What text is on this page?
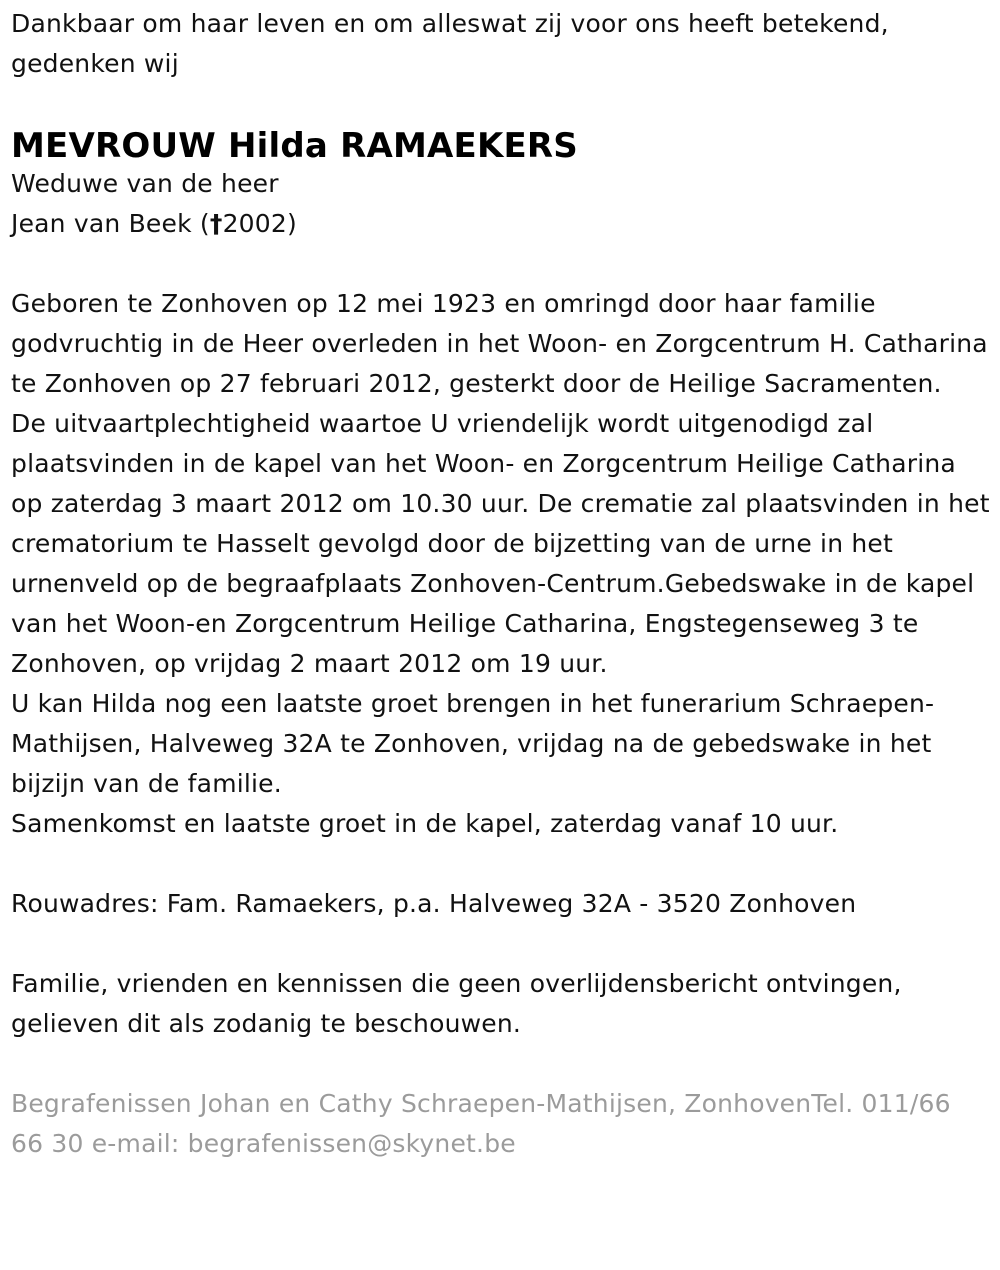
Dankbaar om haar leven en om alleswat zij voor ons heeft betekend, gedenken wij

MEVROUW Hilda RAMAEKERS

Weduwe van de heer

Jean van Beek (†2002)

Geboren te Zonhoven op 12 mei 1923 en omringd door haar familie godvruchtig in de Heer overleden in het Woon- en Zorgcentrum H. Catharina te Zonhoven op 27 februari 2012, gesterkt door de Heilige Sacramenten.

De uitvaartplechtigheid waartoe U vriendelijk wordt uitgenodigd zal plaatsvinden in de kapel van het Woon- en Zorgcentrum Heilige Catharina op zaterdag 3 maart 2012 om 10.30 uur. De crematie zal plaatsvinden in het crematorium te Hasselt gevolgd door de bijzetting van de urne in het urnenveld op de begraafplaats Zonhoven-Centrum.Gebedswake in de kapel van het Woon-en Zorgcentrum Heilige Catharina, Engstegenseweg 3 te Zonhoven, op vrijdag 2 maart 2012 om 19 uur.

U kan Hilda nog een laatste groet brengen in het funerarium Schraepen-Mathijsen, Halveweg 32A te Zonhoven, vrijdag na de gebedswake in het bijzijn van de familie.

Samenkomst en laatste groet in de kapel, zaterdag vanaf 10 uur.

Rouwadres: Fam. Ramaekers, p.a. Halveweg 32A - 3520 Zonhoven

Familie, vrienden en kennissen die geen overlijdensbericht ontvingen, gelieven dit als zodanig te beschouwen.

Begrafenissen Johan en Cathy Schraepen-Mathijsen, ZonhovenTel. 011/66 66 30 e-mail: begrafenissen@skynet.be
